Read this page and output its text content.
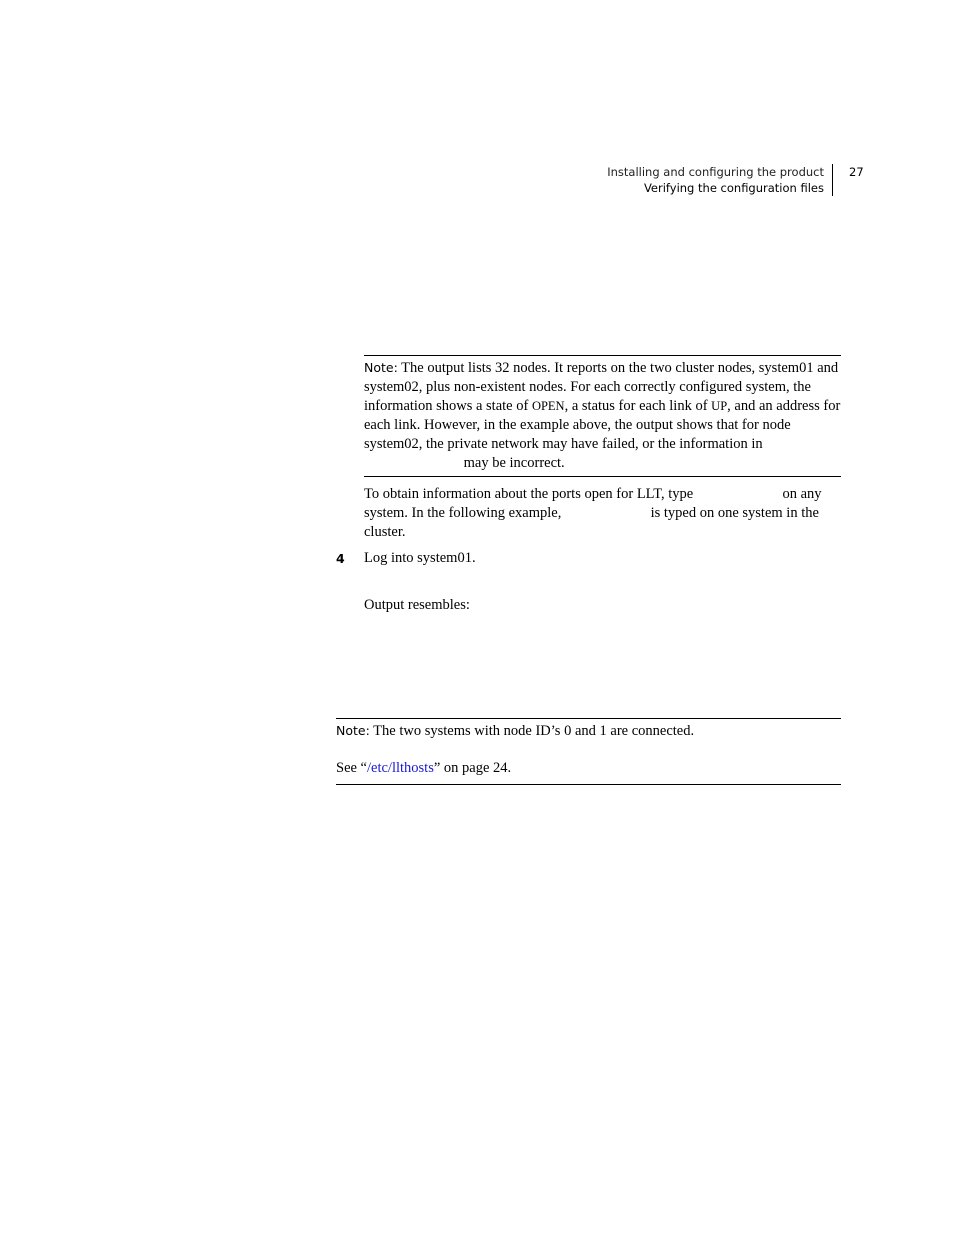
Installing and configuring the product
Verifying the configuration files
27
Note: The output lists 32 nodes. It reports on the two cluster nodes, system01 and system02, plus non-existent nodes. For each correctly configured system, the information shows a state of OPEN, a status for each link of UP, and an address for each link. However, in the example above, the output shows that for node system02, the private network may have failed, or the information in  may be incorrect.
To obtain information about the ports open for LLT, type	on any system. In the following example,	is typed on one system in the cluster.
4 Log into system01.
Output resembles:
Note: The two systems with node ID’s 0 and 1 are connected.
See “/etc/llthosts” on page 24.
